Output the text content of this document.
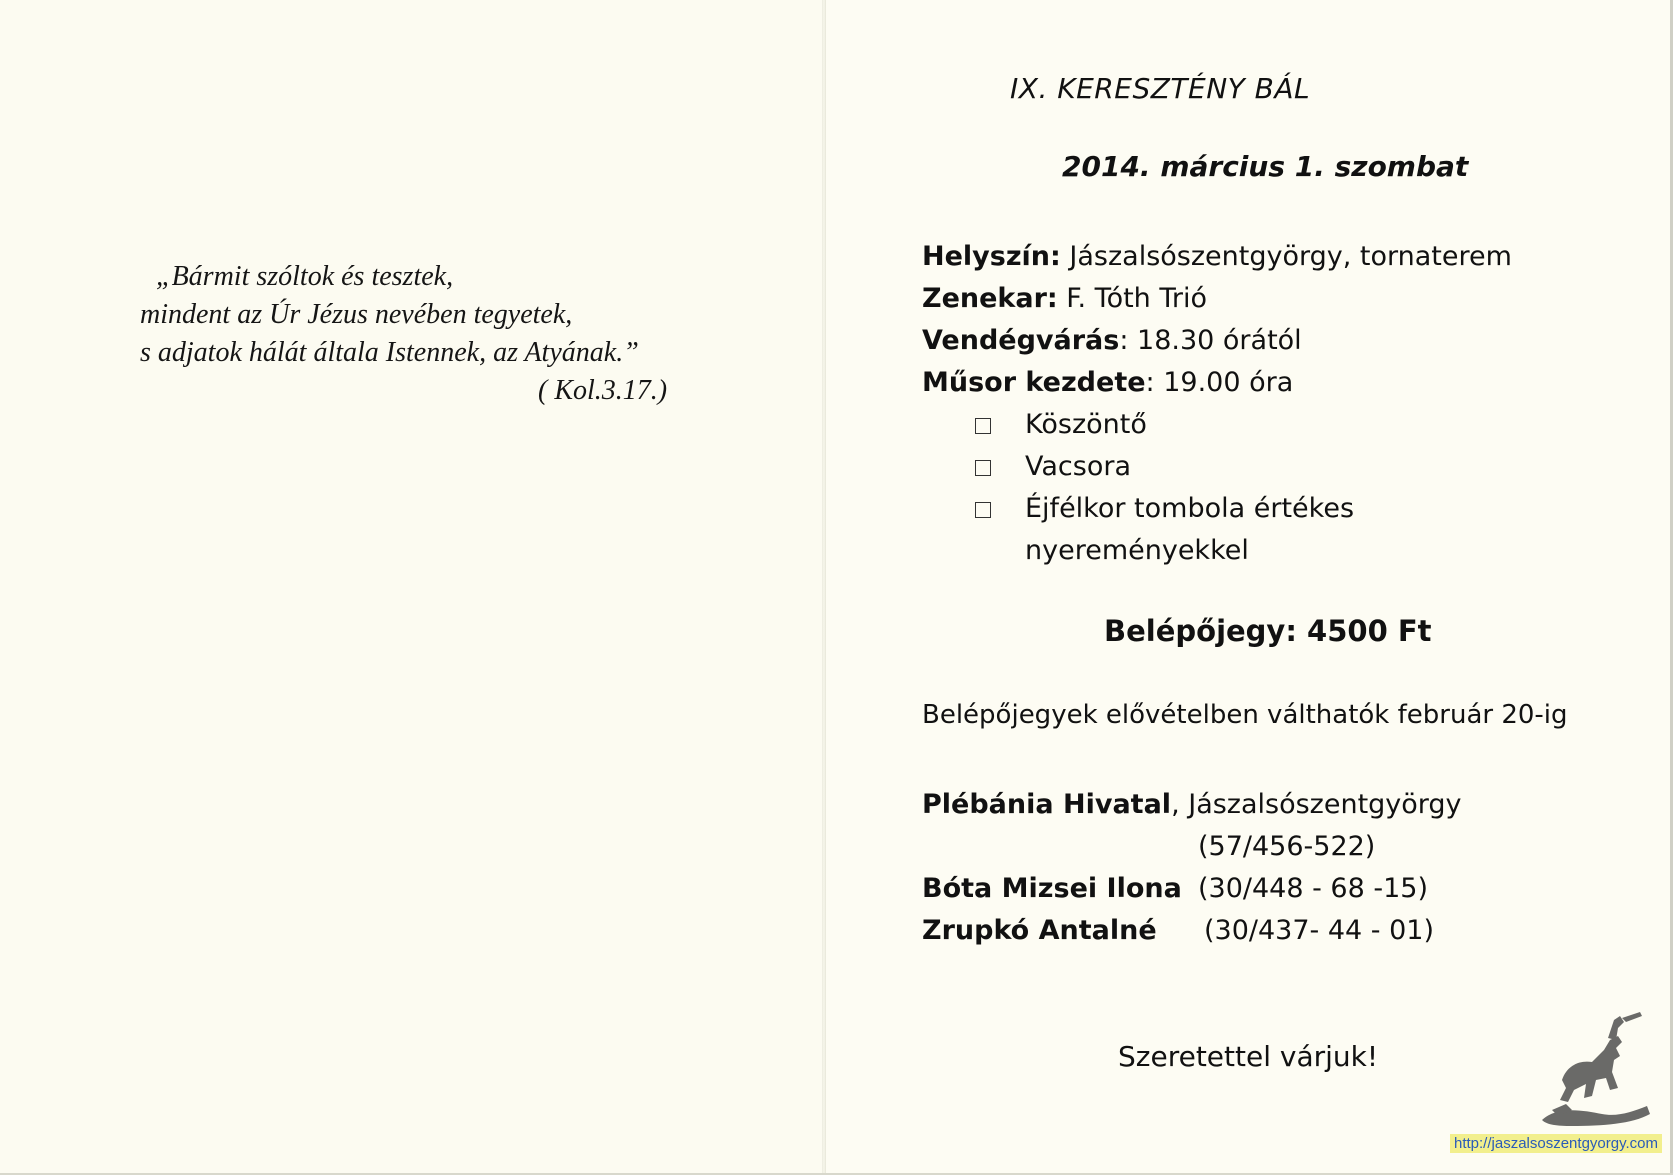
„Bármit szóltok és tesztek,
mindent az Úr Jézus nevében tegyetek,
s adjatok hálát általa Istennek, az Atyának.”
( Kol.3.17.)
IX. KERESZTÉNY BÁL
2014. március 1. szombat
Helyszín: Jászalsószentgyörgy, tornaterem
Zenekar: F. Tóth Trió
Vendégvárás: 18.30 órától
Műsor kezdete: 19.00 óra
Köszöntő
Vacsora
Éjfélkor tombola értékes
nyereményekkel
Belépőjegy: 4500 Ft
Belépőjegyek elővételben válthatók február 20-ig
Plébánia Hivatal, Jászalsószentgyörgy
(57/456-522)
Bóta Mizsei Ilona (30/448 - 68 -15)
Zrupkó Antalné (30/437- 44 - 01)
Szeretettel várjuk!
http://jaszalsoszentgyorgy.com
